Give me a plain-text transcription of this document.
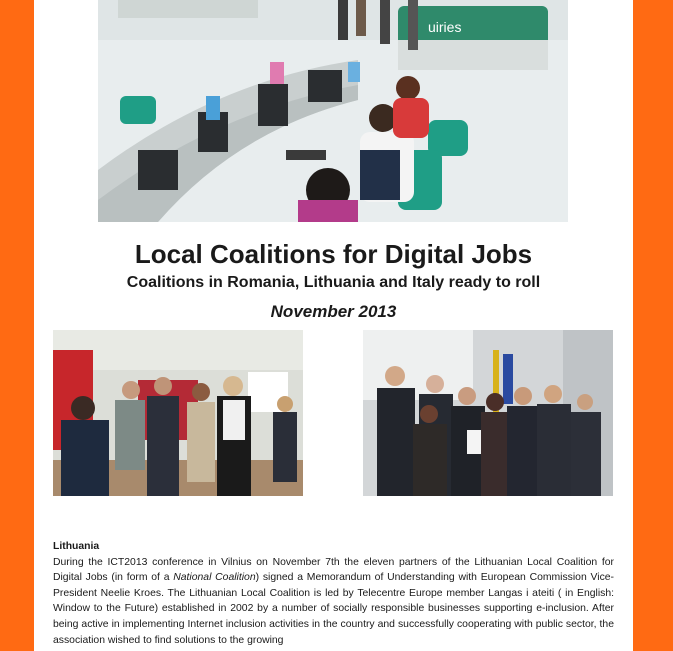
uiries

Local Coalitions for Digital Jobs

Coalitions in Romania, Lithuania and Italy ready to roll

November 2013

Lithuania

During the ICT2013 conference in Vilnius on November 7th the eleven partners of the Lithuanian Local Coalition for Digital Jobs (in form of a National Coalition) signed a Memorandum of Understanding with European Commission Vice-President Neelie Kroes. The Lithuanian Local Coalition is led by Telecentre Europe member Langas i ateiti ( in English: Window to the Future) established in 2002 by a number of socially responsible businesses supporting e-inclusion. After being active in implementing Internet inclusion activities in the country and successfully cooperating with public sector, the association wished to find solutions to the growing
